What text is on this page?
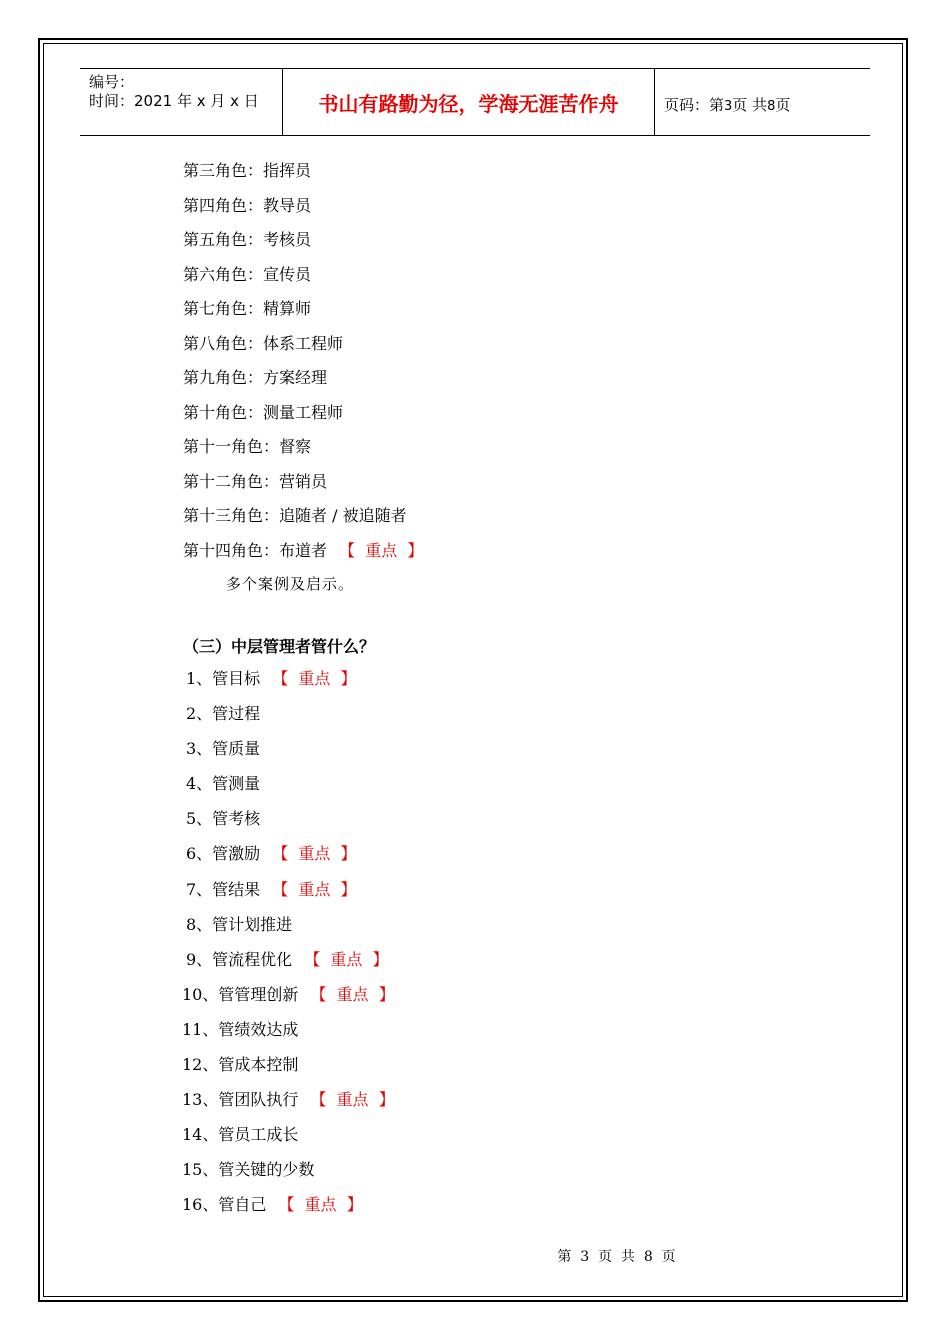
编号：
时间：2021 年 x 月 x 日	书山有路勤为径，学海无涯苦作舟	页码：第3页 共8页
第三角色：指挥员
第四角色：教导员
第五角色：考核员
第六角色：宣传员
第七角色：精算师
第八角色：体系工程师
第九角色：方案经理
第十角色：测量工程师
第十一角色：督察
第十二角色：营销员
第十三角色：追随者 / 被追随者
第十四角色：布道者 【  重点  】
多个案例及启示。
（三）中层管理者管什么？
1、管目标 【  重点  】
2、管过程
3、管质量
4、管测量
5、管考核
6、管激励 【  重点  】
7、管结果 【  重点  】
8、管计划推进
9、管流程优化 【  重点  】
10、管管理创新 【  重点  】
11、管绩效达成
12、管成本控制
13、管团队执行 【  重点  】
14、管员工成长
15、管关键的少数
16、管自己 【  重点  】
第  3  页  共  8  页
